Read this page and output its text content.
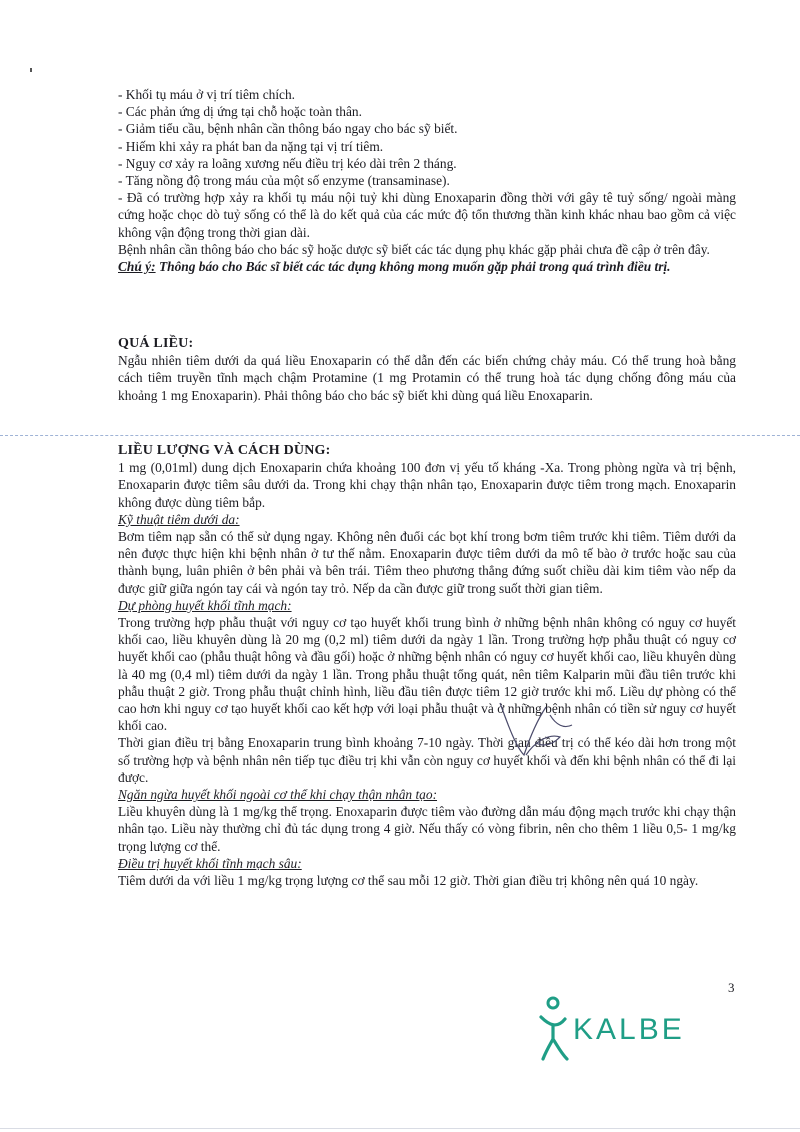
- Khối tụ máu ở vị trí tiêm chích.

- Các phản ứng dị ứng tại chỗ hoặc toàn thân.

- Giảm tiểu cầu, bệnh nhân cần thông báo ngay cho bác sỹ biết.

- Hiếm khi xảy ra phát ban da nặng tại vị trí tiêm.

- Nguy cơ xảy ra loãng xương nếu điều trị kéo dài trên 2 tháng.

- Tăng nồng độ trong máu của một số enzyme (transaminase).

- Đã có trường hợp xảy ra khối tụ máu nội tuỷ khi dùng Enoxaparin đồng thời với gây tê tuỷ sống/ ngoài màng cứng hoặc chọc dò tuỷ sống có thể là do kết quả của các mức độ tổn thương thần kinh khác nhau bao gồm cả việc không vận động trong thời gian dài.

Bệnh nhân cần thông báo cho bác sỹ hoặc dược sỹ biết các tác dụng phụ khác gặp phải chưa đề cập ở trên đây.

Chú ý: Thông báo cho Bác sĩ biết các tác dụng không mong muốn gặp phải trong quá trình điều trị.

QUÁ LIỀU:

Ngẫu nhiên tiêm dưới da quá liều Enoxaparin có thể dẫn đến các biến chứng chảy máu. Có thể trung hoà bằng cách tiêm truyền tĩnh mạch chậm Protamine (1 mg Protamin có thể trung hoà tác dụng chống đông máu của khoảng 1 mg Enoxaparin). Phải thông báo cho bác sỹ biết khi dùng quá liều Enoxaparin.

LIỀU LƯỢNG VÀ CÁCH DÙNG:

1 mg (0,01ml) dung dịch Enoxaparin chứa khoảng 100 đơn vị yếu tố kháng -Xa. Trong phòng ngừa và trị bệnh, Enoxaparin được tiêm sâu dưới da. Trong khi chạy thận nhân tạo, Enoxaparin được tiêm trong mạch. Enoxaparin không được dùng tiêm bắp.

Kỹ thuật tiêm dưới da:

Bơm tiêm nạp sẵn có thể sử dụng ngay. Không nên đuổi các bọt khí trong bơm tiêm trước khi tiêm. Tiêm dưới da nên được thực hiện khi bệnh nhân ở tư thế nằm. Enoxaparin được tiêm dưới da mô tế bào ở trước hoặc sau của thành bụng, luân phiên ở bên phải và bên trái. Tiêm theo phương thẳng đứng suốt chiều dài kim tiêm vào nếp da được giữ giữa ngón tay cái và ngón tay trỏ. Nếp da cần được giữ trong suốt thời gian tiêm.

Dự phòng huyết khối tĩnh mạch:

Trong trường hợp phẫu thuật với nguy cơ tạo huyết khối trung bình ở những bệnh nhân không có nguy cơ huyết khối cao, liều khuyên dùng là 20 mg (0,2 ml) tiêm dưới da ngày 1 lần. Trong trường hợp phẫu thuật có nguy cơ huyết khối cao (phẫu thuật hông và đầu gối) hoặc ở những bệnh nhân có nguy cơ huyết khối cao, liều khuyên dùng là 40 mg (0,4 ml) tiêm dưới da ngày 1 lần. Trong phẫu thuật tổng quát, nên tiêm Kalparin mũi đầu tiên trước khi phẫu thuật 2 giờ. Trong phẫu thuật chỉnh hình, liều đầu tiên được tiêm 12 giờ trước khi mổ. Liều dự phòng có thể cao hơn khi nguy cơ tạo huyết khối cao kết hợp với loại phẫu thuật và ở những bệnh nhân có tiền sử nguy cơ huyết khối cao.

Thời gian điều trị bằng Enoxaparin trung bình khoảng 7-10 ngày. Thời gian điều trị có thể kéo dài hơn trong một số trường hợp và bệnh nhân nên tiếp tục điều trị khi vẫn còn nguy cơ huyết khối và đến khi bệnh nhân có thể đi lại được.

Ngăn ngừa huyết khối ngoài cơ thể khi chạy thận nhân tạo:

Liều khuyên dùng là 1 mg/kg thể trọng. Enoxaparin được tiêm vào đường dẫn máu động mạch trước khi chạy thận nhân tạo. Liều này thường chỉ đủ tác dụng trong 4 giờ. Nếu thấy có vòng fibrin, nên cho thêm 1 liều 0,5- 1 mg/kg trọng lượng cơ thể.

Điều trị huyết khối tĩnh mạch sâu:

Tiêm dưới da với liều 1 mg/kg trọng lượng cơ thể sau mỗi 12 giờ. Thời gian điều trị không nên quá 10 ngày.

3
KALBE
